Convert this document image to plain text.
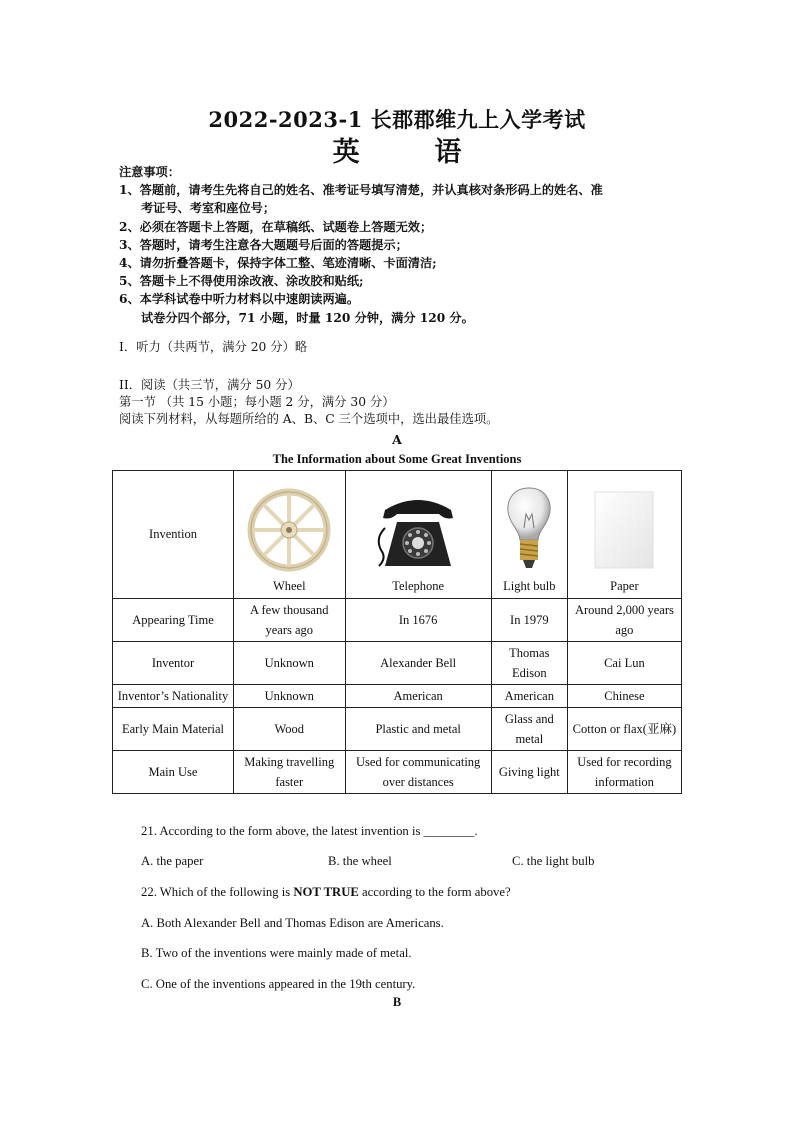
2022-2023-1 长郡郡维九上入学考试
英	语
注意事项：
1、答题前，请考生先将自己的姓名、准考证号填写清楚，并认真核对条形码上的姓名、准
考证号、考室和座位号；
2、必须在答题卡上答题，在草稿纸、试题卷上答题无效；
3、答题时，请考生注意各大题题号后面的答题提示；
4、请勿折叠答题卡，保持字体工整、笔迹清晰、卡面清洁;
5、答题卡上不得使用涂改液、涂改胶和贴纸;
6、本学科试卷中听力材料以中速朗读两遍。
试卷分四个部分，71 小题，时量 120 分钟，满分 120 分。
I．听力（共两节，满分 20 分）略
II．阅读（共三节，满分 50 分）
第一节 （共 15 小题；每小题 2 分，满分 30 分）
阅读下列材料，从每题所给的 A、B、C 三个选项中，选出最佳选项。
A
The Information about Some Great Inventions
Invention	Wheel	Telephone	Light bulb	Paper
Appearing Time	A few thousand years ago	In 1676	In 1979	Around 2,000 years ago
Inventor	Unknown	Alexander Bell	Thomas Edison	Cai Lun
Inventor’s Nationality	Unknown	American	American	Chinese
Early Main Material	Wood	Plastic and metal	Glass and metal	Cotton or flax(亚麻)
Main Use	Making travelling faster	Used for communicating over distances	Giving light	Used for recording information
21. According to the form above, the latest invention is ________.
A. the paper	B. the wheel	C. the light bulb
22. Which of the following is NOT TRUE according to the form above?
A. Both Alexander Bell and Thomas Edison are Americans.
B. Two of the inventions were mainly made of metal.
C. One of the inventions appeared in the 19th century.
B
